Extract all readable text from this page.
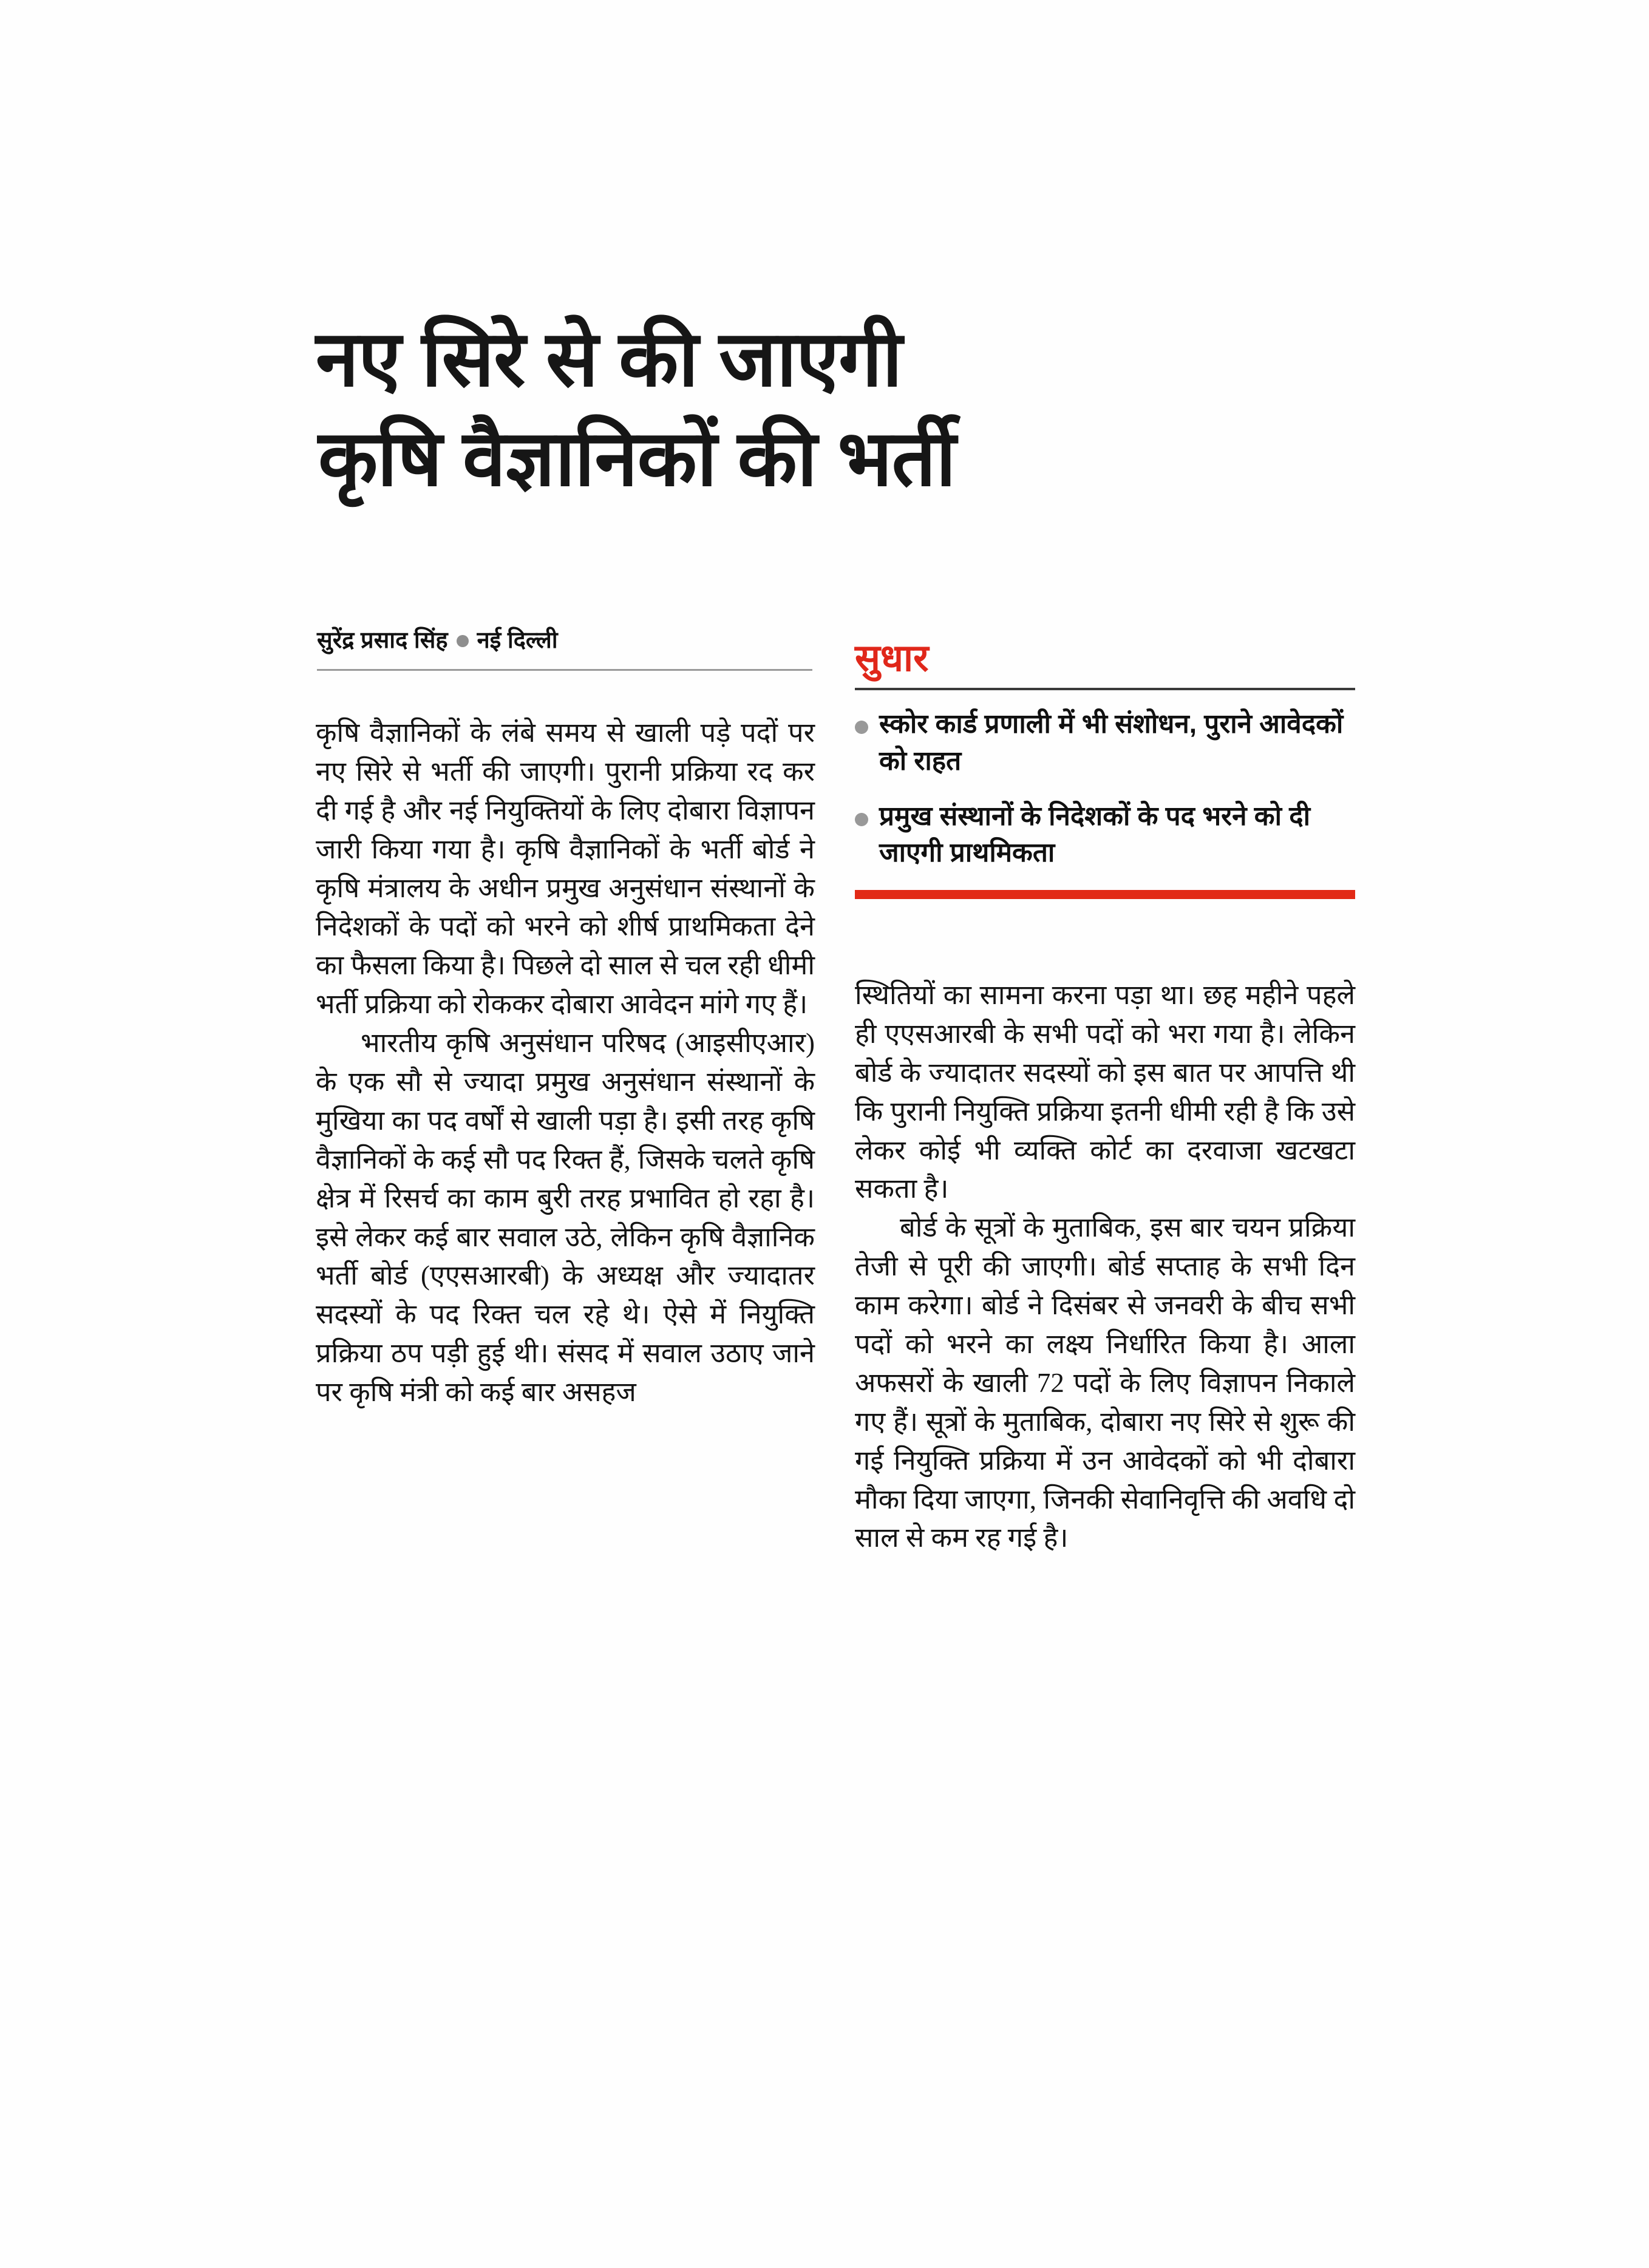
नए सिरे से की जाएगी
कृषि वैज्ञानिकों की भर्ती
सुरेंद्र प्रसाद सिंह नई दिल्ली	सुधार
स्कोर कार्ड प्रणाली में भी संशोधन, पुराने आवेदकों को राहत
प्रमुख संस्थानों के निदेशकों के पद भरने को दी जाएगी प्राथमिकता

कृषि वैज्ञानिकों के लंबे समय से खाली पड़े पदों पर नए सिरे से भर्ती की जाएगी। पुरानी प्रक्रिया रद कर दी गई है और नई नियुक्तियों के लिए दोबारा विज्ञापन जारी किया गया है। कृषि वैज्ञानिकों के भर्ती बोर्ड ने कृषि मंत्रालय के अधीन प्रमुख अनुसंधान संस्थानों के निदेशकों के पदों को भरने को शीर्ष प्राथमिकता देने का फैसला किया है। पिछले दो साल से चल रही धीमी भर्ती प्रक्रिया को रोककर दोबारा आवेदन मांगे गए हैं।

भारतीय कृषि अनुसंधान परिषद (आइसीएआर) के एक सौ से ज्यादा प्रमुख अनुसंधान संस्थानों के मुखिया का पद वर्षों से खाली पड़ा है। इसी तरह कृषि वैज्ञानिकों के कई सौ पद रिक्त हैं, जिसके चलते कृषि क्षेत्र में रिसर्च का काम बुरी तरह प्रभावित हो रहा है। इसे लेकर कई बार सवाल उठे, लेकिन कृषि वैज्ञानिक भर्ती बोर्ड (एएसआरबी) के अध्यक्ष और ज्यादातर सदस्यों के पद रिक्त चल रहे थे। ऐसे में नियुक्ति प्रक्रिया ठप पड़ी हुई थी। संसद में सवाल उठाए जाने पर कृषि मंत्री को कई बार असहज

स्थितियों का सामना करना पड़ा था। छह महीने पहले ही एएसआरबी के सभी पदों को भरा गया है। लेकिन बोर्ड के ज्यादातर सदस्यों को इस बात पर आपत्ति थी कि पुरानी नियुक्ति प्रक्रिया इतनी धीमी रही है कि उसे लेकर कोई भी व्यक्ति कोर्ट का दरवाजा खटखटा सकता है।

बोर्ड के सूत्रों के मुताबिक, इस बार चयन प्रक्रिया तेजी से पूरी की जाएगी। बोर्ड सप्ताह के सभी दिन काम करेगा। बोर्ड ने दिसंबर से जनवरी के बीच सभी पदों को भरने का लक्ष्य निर्धारित किया है। आला अफसरों के खाली 72 पदों के लिए विज्ञापन निकाले गए हैं। सूत्रों के मुताबिक, दोबारा नए सिरे से शुरू की गई नियुक्ति प्रक्रिया में उन आवेदकों को भी दोबारा मौका दिया जाएगा, जिनकी सेवानिवृत्ति की अवधि दो साल से कम रह गई है।
